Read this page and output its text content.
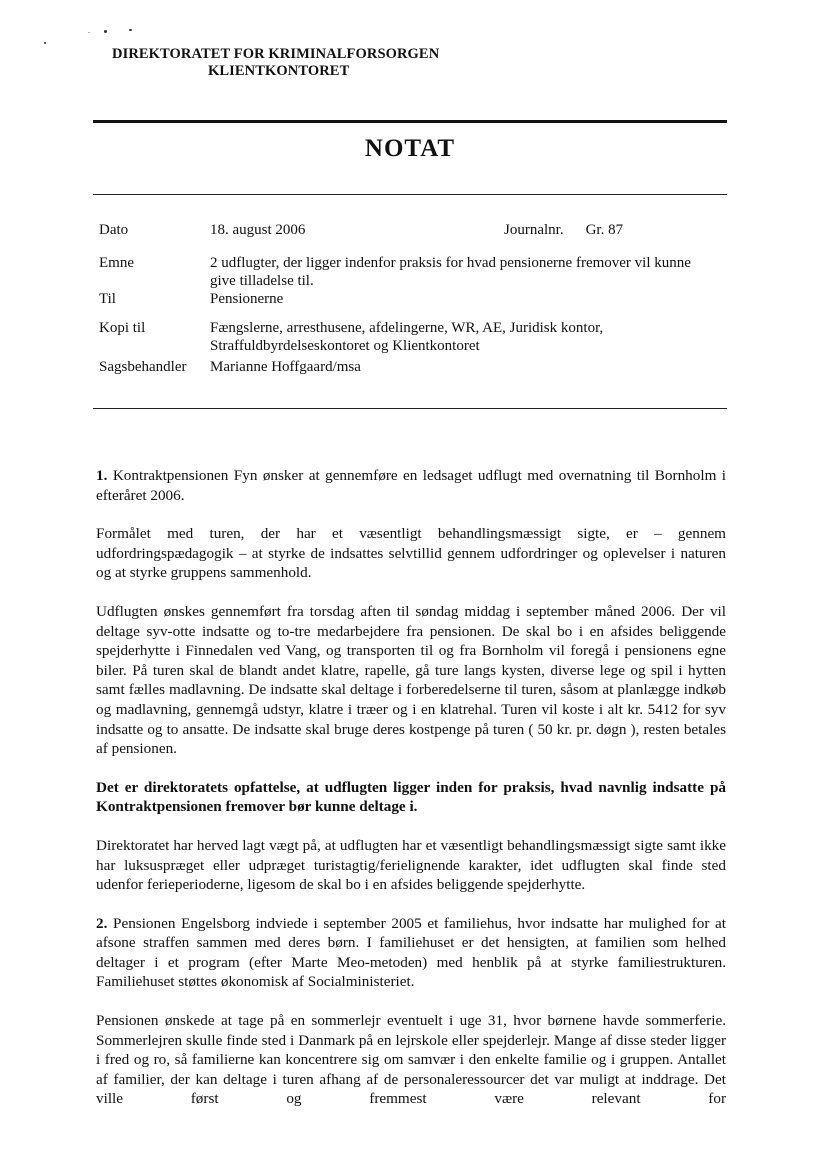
DIREKTORATET FOR KRIMINALFORSORGEN
KLIENTKONTORET
NOTAT
Dato	18. august 2006	Journalnr. Gr. 87
Emne	2 udflugter, der ligger indenfor praksis for hvad pensionerne fremover vil kunne give tilladelse til.
Til	Pensionerne
Kopi til	Fængslerne, arresthusene, afdelingerne, WR, AE, Juridisk kontor, Straffuldbyrdelseskontoret og Klientkontoret
Sagsbehandler	Marianne Hoffgaard/msa

1. Kontraktpensionen Fyn ønsker at gennemføre en ledsaget udflugt med overnatning til Bornholm i efteråret 2006.

Formålet med turen, der har et væsentligt behandlingsmæssigt sigte, er – gennem udfordringspædagogik – at styrke de indsattes selvtillid gennem udfordringer og oplevelser i naturen og at styrke gruppens sammenhold.

Udflugten ønskes gennemført fra torsdag aften til søndag middag i september måned 2006. Der vil deltage syv-otte indsatte og to-tre medarbejdere fra pensionen. De skal bo i en afsides beliggende spejderhytte i Finnedalen ved Vang, og transporten til og fra Bornholm vil foregå i pensionens egne biler. På turen skal de blandt andet klatre, rapelle, gå ture langs kysten, diverse lege og spil i hytten samt fælles madlavning. De indsatte skal deltage i forberedelserne til turen, såsom at planlægge indkøb og madlavning, gennemgå udstyr, klatre i træer og i en klatrehal. Turen vil koste i alt kr. 5412 for syv indsatte og to ansatte. De indsatte skal bruge deres kostpenge på turen ( 50 kr. pr. døgn ), resten betales af pensionen.

Det er direktoratets opfattelse, at udflugten ligger inden for praksis, hvad navnlig indsatte på Kontraktpensionen fremover bør kunne deltage i.

Direktoratet har herved lagt vægt på, at udflugten har et væsentligt behandlingsmæssigt sigte samt ikke har luksuspræget eller udpræget turistagtig/ferielignende karakter, idet udflugten skal finde sted udenfor ferieperioderne, ligesom de skal bo i en afsides beliggende spejderhytte.

2. Pensionen Engelsborg indviede i september 2005 et familiehus, hvor indsatte har mulighed for at afsone straffen sammen med deres børn. I familiehuset er det hensigten, at familien som helhed deltager i et program (efter Marte Meo-metoden) med henblik på at styrke familiestrukturen. Familiehuset støttes økonomisk af Socialministeriet.

Pensionen ønskede at tage på en sommerlejr eventuelt i uge 31, hvor børnene havde sommerferie. Sommerlejren skulle finde sted i Danmark på en lejrskole eller spejderlejr. Mange af disse steder ligger i fred og ro, så familierne kan koncentrere sig om samvær i den enkelte familie og i gruppen. Antallet af familier, der kan deltage i turen afhang af de personaleressourcer det var muligt at inddrage. Det ville først og fremmest være relevant for
